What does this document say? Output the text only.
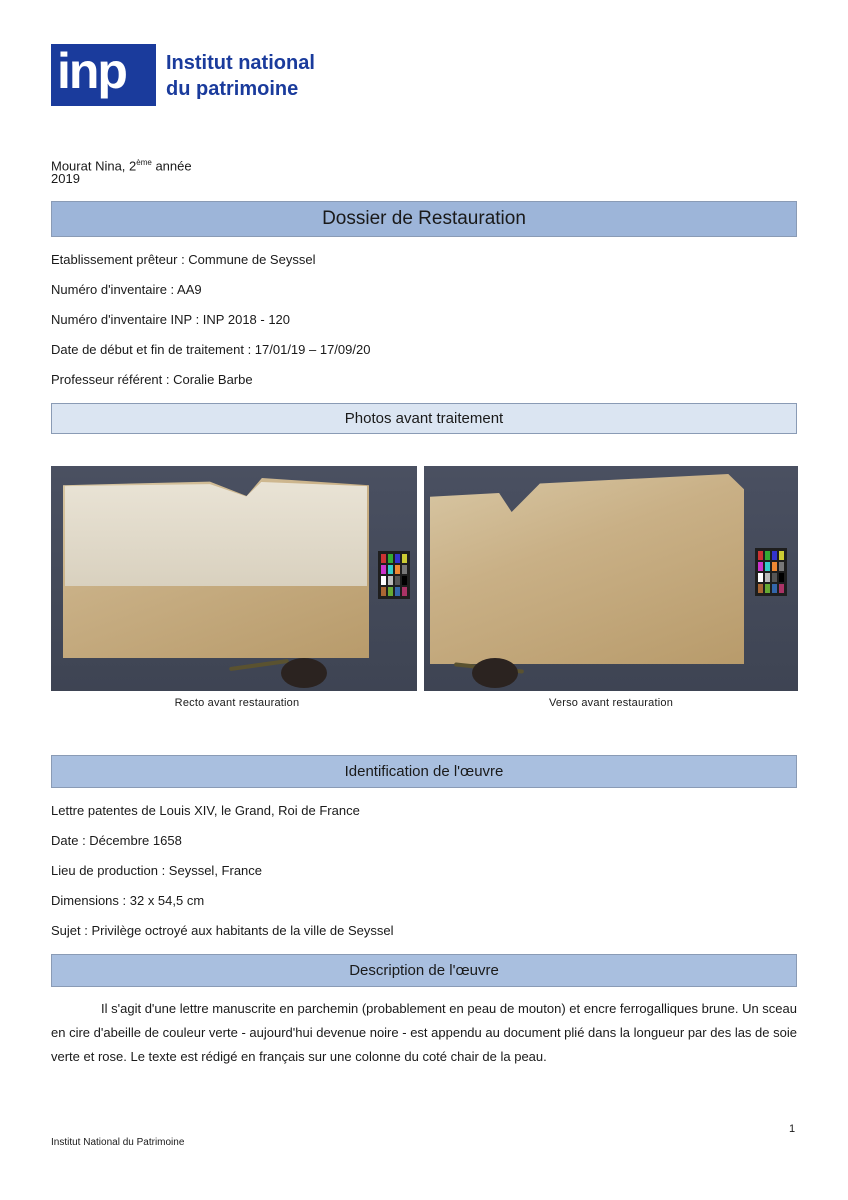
inp Institut national
du patrimoine
Mourat Nina, 2ème année
2019
Dossier de Restauration
Etablissement prêteur : Commune de Seyssel
Numéro d'inventaire : AA9
Numéro d'inventaire INP : INP 2018 - 120
Date de début et fin de traitement : 17/01/19 – 17/09/20
Professeur référent : Coralie Barbe
Photos avant traitement
Recto avant restauration	Verso avant restauration
Identification de l'œuvre
Lettre patentes de Louis XIV, le Grand, Roi de France
Date : Décembre 1658
Lieu de production : Seyssel, France
Dimensions : 32 x 54,5 cm
Sujet : Privilège octroyé aux habitants de la ville de Seyssel
Description de l'œuvre

Il s'agit d'une lettre manuscrite en parchemin (probablement en peau de mouton) et encre ferrogalliques brune. Un sceau en cire d'abeille de couleur verte - aujourd'hui devenue noire - est appendu au document plié dans la longueur par des las de soie verte et rose. Le texte est rédigé en français sur une colonne du coté chair de la peau.

1
Institut National du Patrimoine
